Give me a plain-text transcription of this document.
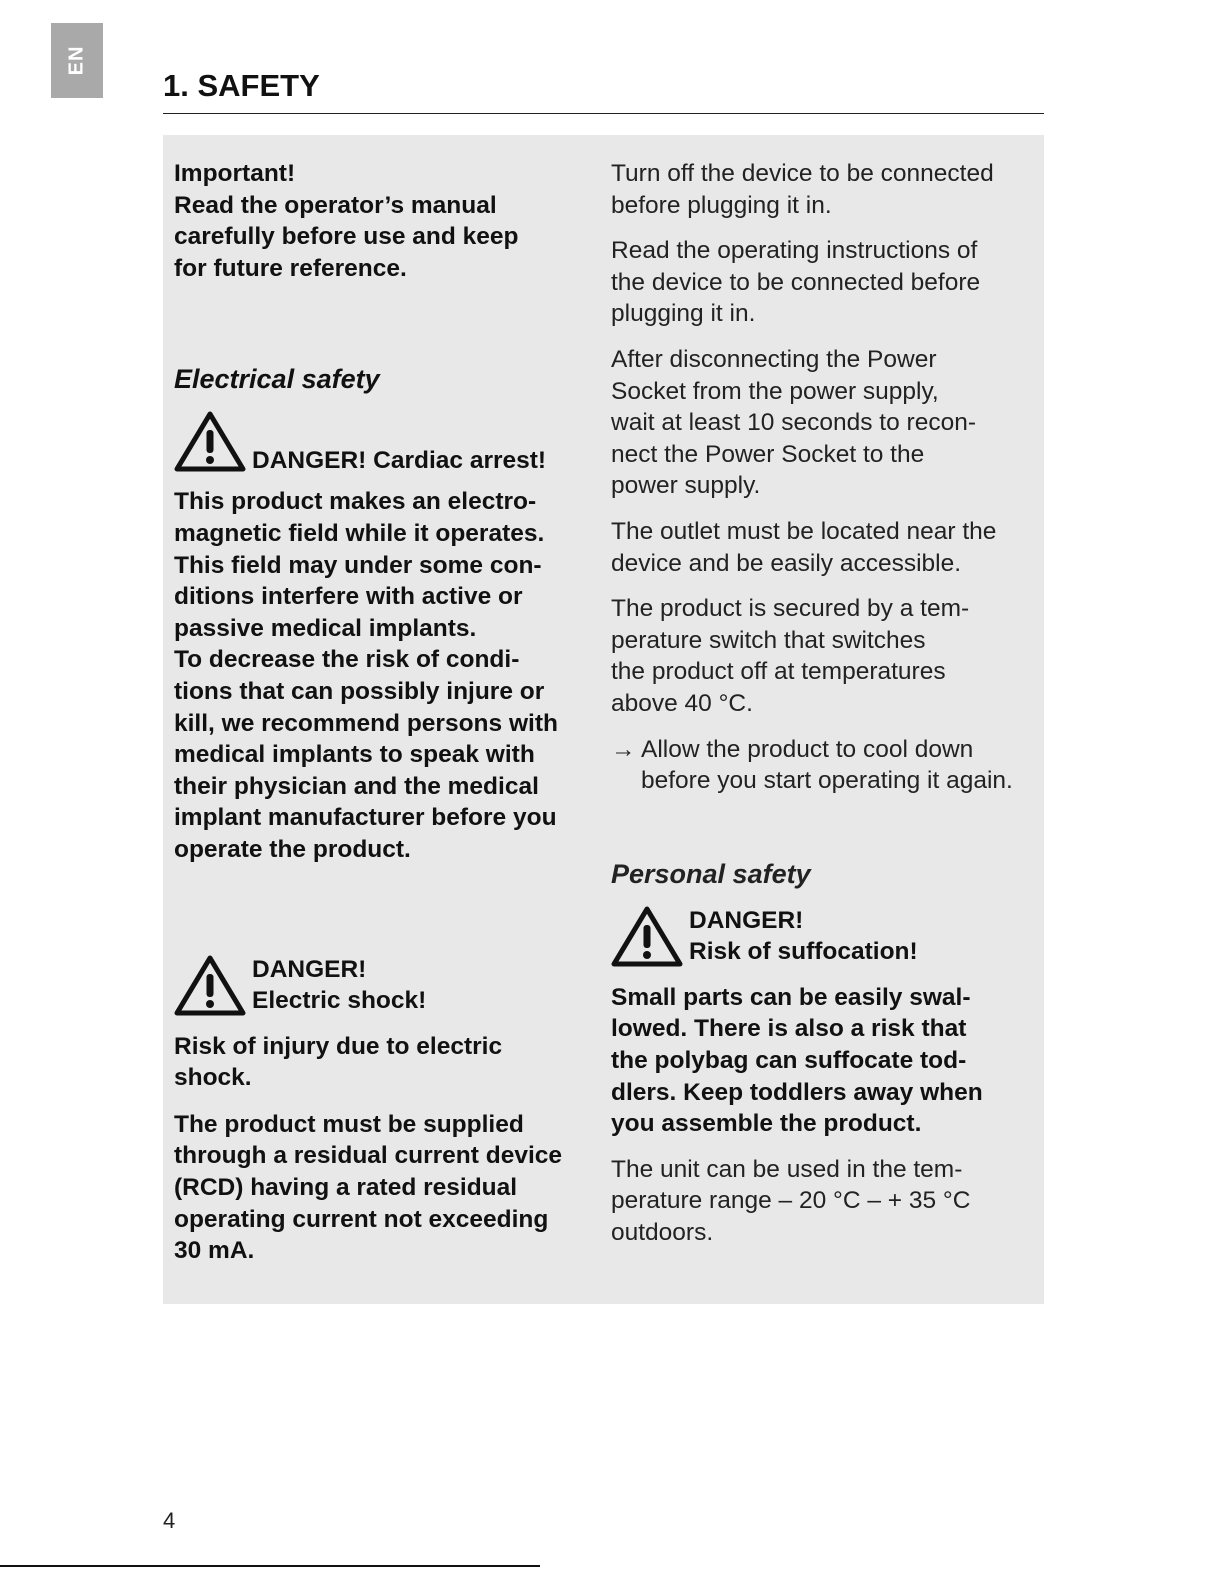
EN
1. SAFETY

Important!
Read the operator’s manual
carefully before use and keep
for future reference.

Electrical safety

DANGER! Cardiac arrest!

This product makes an electro-
magnetic field while it operates.
This field may under some con-
ditions interfere with active or
passive medical implants.
To decrease the risk of condi-
tions that can possibly injure or
kill, we recommend persons with
medical implants to speak with
their physician and the medical
implant manufacturer before you
operate the product.

DANGER!
Electric shock!

Risk of injury due to electric
shock.

The product must be supplied
through a residual current device
(RCD) having a rated residual
operating current not exceeding
30 mA.

Turn off the device to be connected
before plugging it in.

Read the operating instructions of
the device to be connected before
plugging it in.

After disconnecting the Power
Socket from the power supply,
wait at least 10 seconds to recon-
nect the Power Socket to the
power supply.

The outlet must be located near the
device and be easily accessible.

The product is secured by a tem-
perature switch that switches
the product off at temperatures
above 40 °C.

→ Allow the product to cool down
before you start operating it again.

Personal safety

DANGER!
Risk of suffocation!

Small parts can be easily swal-
lowed. There is also a risk that
the polybag can suffocate tod-
dlers. Keep toddlers away when
you assemble the product.

The unit can be used in the tem-
perature range – 20 °C – + 35 °C
outdoors.

4
